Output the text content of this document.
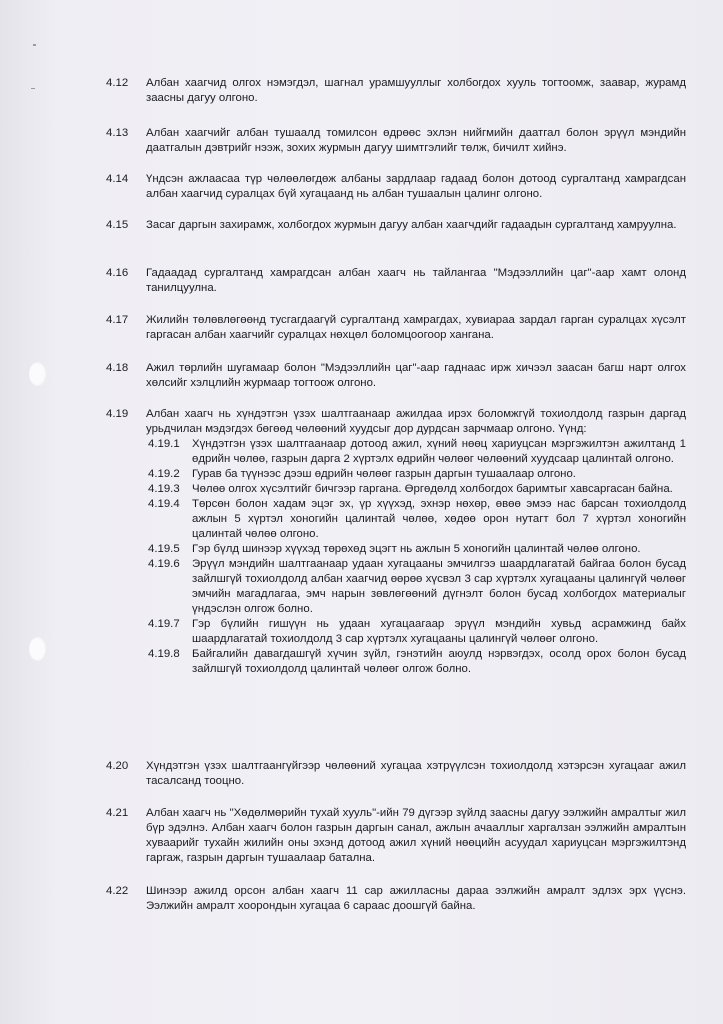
4.12 Албан хаагчид олгох нэмэгдэл, шагнал урамшууллыг холбогдох хууль тогтоомж, заавар, журамд заасны дагуу олгоно.
4.13 Албан хаагчийг албан тушаалд томилсон өдрөөс эхлэн нийгмийн даатгал болон эрүүл мэндийн даатгалын дэвтрийг нээж, зохих журмын дагуу шимтгэлийг төлж, бичилт хийнэ.
4.14 Үндсэн ажлаасаа түр чөлөөлөгдөж албаны зардлаар гадаад болон дотоод сургалтанд хамрагдсан албан хаагчид суралцах бүй хугацаанд нь албан тушаалын цалинг олгоно.
4.15 Засаг даргын захирамж, холбогдох журмын дагуу албан хаагчдийг гадаадын сургалтанд хамруулна.
4.16 Гадаадад сургалтанд хамрагдсан албан хаагч нь тайлангаа "Мэдээллийн цаг"-аар хамт олонд танилцуулна.
4.17 Жилийн төлөвлөгөөнд тусгагдаагүй сургалтанд хамрагдах, хувиараа зардал гарган суралцах хүсэлт гаргасан албан хаагчийг суралцах нөхцөл боломцоогоор хангана.
4.18 Ажил төрлийн шугамаар болон "Мэдээллийн цаг"-аар гаднаас ирж хичээл заасан багш нарт олгох хөлсийг хэлцлийн журмаар тогтоож олгоно.
4.19 Албан хаагч нь хүндэтгэн үзэх шалтгаанаар ажилдаа ирэх боломжгүй тохиолдолд газрын даргад урьдчилан мэдэгдэх бөгөөд чөлөөний хуудсыг дор дурдсан зарчмаар олгоно. Үүнд:
4.19.1 Хүндэтгэн үзэх шалтгаанаар дотоод ажил, хүний нөөц хариуцсан мэргэжилтэн ажилтанд 1 өдрийн чөлөө, газрын дарга 2 хүртэлх өдрийн чөлөөг чөлөөний хуудсаар цалинтай олгоно.
4.19.2 Гурав ба түүнээс дээш өдрийн чөлөөг газрын даргын тушаалаар олгоно.
4.19.3 Чөлөө олгох хүсэлтийг бичгээр гаргана. Өргөдөлд холбогдох баримтыг хавсаргасан байна.
4.19.4 Төрсөн болон хадам эцэг эх, үр хүүхэд, эхнэр нөхөр, өвөө эмээ нас барсан тохиолдолд ажлын 5 хүртэл хоногийн цалинтай чөлөө, хөдөө орон нутагт бол 7 хүртэл хоногийн цалинтай чөлөө олгоно.
4.19.5 Гэр бүлд шинээр хүүхэд төрөхөд эцэгт нь ажлын 5 хоногийн цалинтай чөлөө олгоно.
4.19.6 Эрүүл мэндийн шалтгаанаар удаан хугацааны эмчилгээ шаардлагатай байгаа болон бусад зайлшгүй тохиолдолд албан хаагчид өөрөө хүсвэл 3 сар хүртэлх хугацааны цалингүй чөлөөг эмчийн магадлагаа, эмч нарын зөвлөгөөний дүгнэлт болон бусад холбогдох материалыг үндэслэн олгож болно.
4.19.7 Гэр бүлийн гишүүн нь удаан хугацаагаар эрүүл мэндийн хувьд асрамжинд байх шаардлагатай тохиолдолд 3 сар хүртэлх хугацааны цалингүй чөлөөг олгоно.
4.19.8 Байгалийн давагдашгүй хүчин зүйл, гэнэтийн аюулд нэрвэгдэх, осолд орох болон бусад зайлшгүй тохиолдолд цалинтай чөлөөг олгож болно.
4.20 Хүндэтгэн үзэх шалтгаангүйгээр чөлөөний хугацаа хэтрүүлсэн тохиолдолд хэтэрсэн хугацааг ажил тасалсанд тооцно.
4.21 Албан хаагч нь "Хөдөлмөрийн тухай хууль"-ийн 79 дүгээр зүйлд заасны дагуу ээлжийн амралтыг жил бүр эдэлнэ. Албан хаагч болон газрын даргын санал, ажлын ачааллыг харгалзан ээлжийн амралтын хуваарийг тухайн жилийн оны эхэнд дотоод ажил хүний нөөцийн асуудал хариуцсан мэргэжилтэнд гаргаж, газрын даргын тушаалаар батална.
4.22 Шинээр ажилд орсон албан хаагч 11 сар ажилласны дараа ээлжийн амралт эдлэх эрх үүснэ. Ээлжийн амралт хоорондын хугацаа 6 сараас доошгүй байна.
